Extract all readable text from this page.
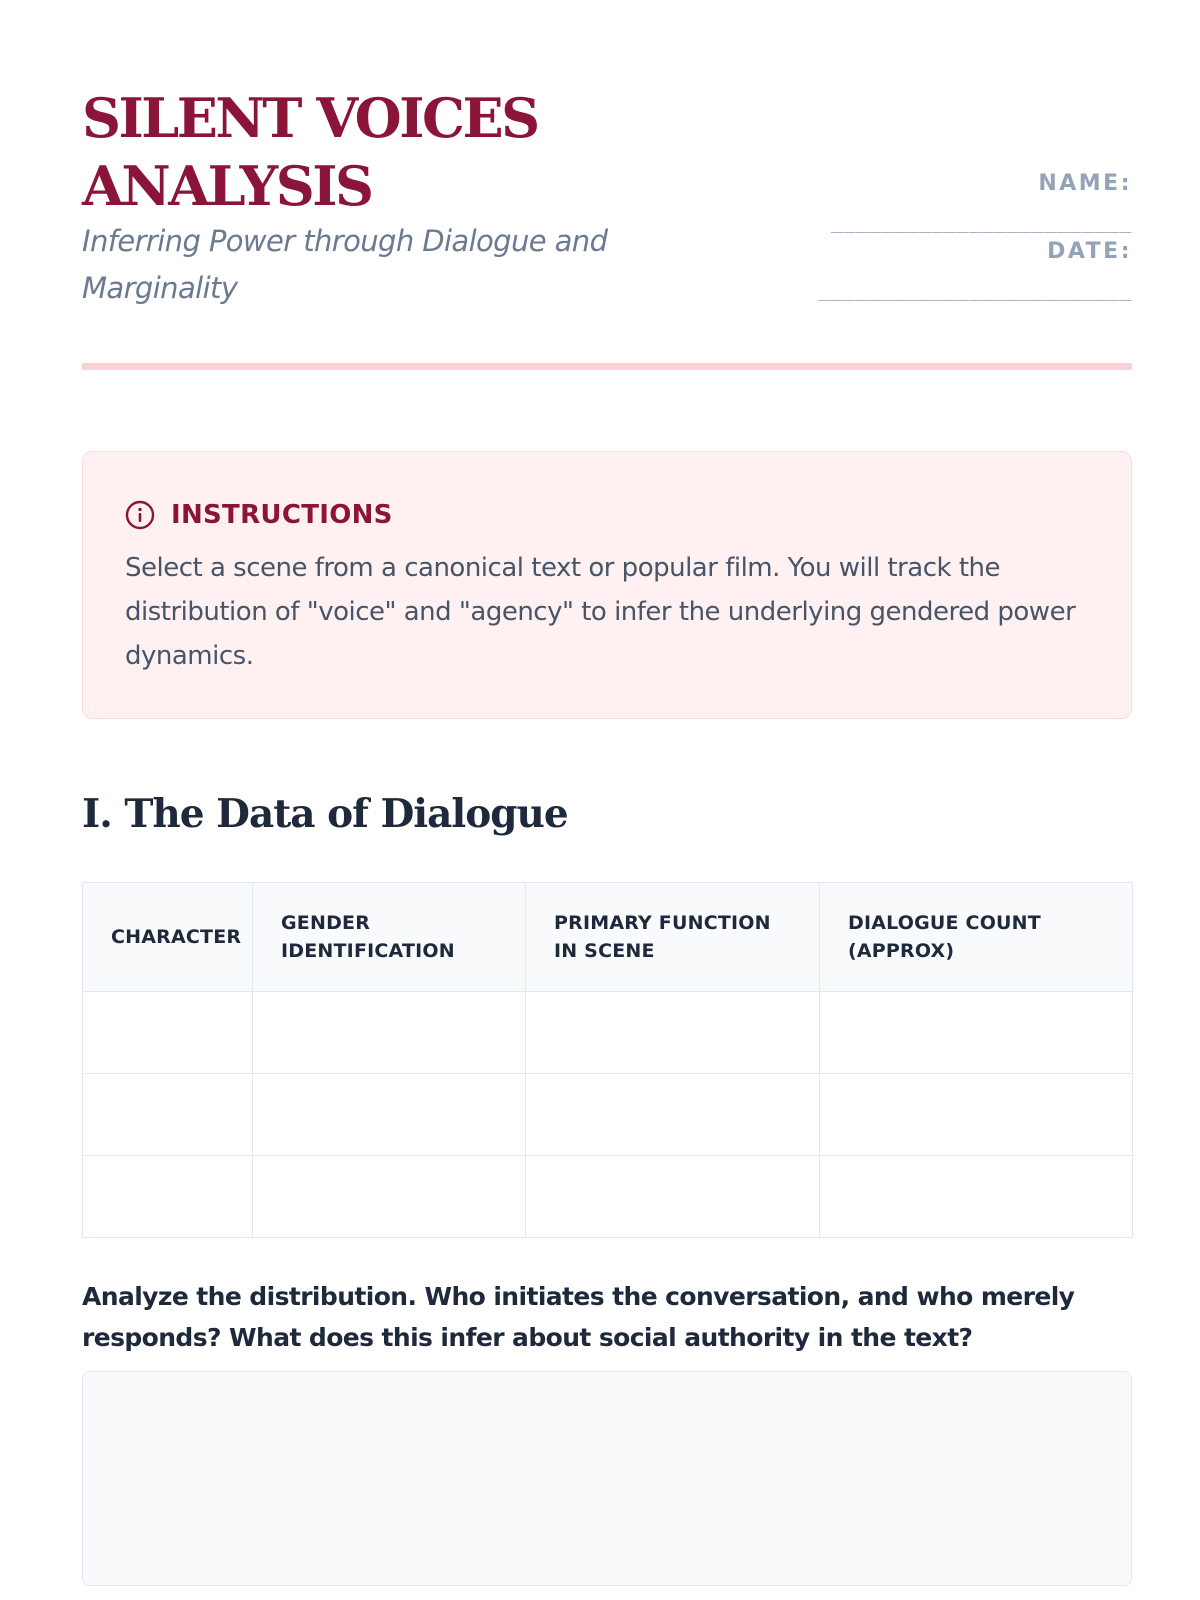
SILENT VOICES
ANALYSIS

Inferring Power through Dialogue and
Marginality

NAME:
________________________
DATE:
_________________________
INSTRUCTIONS

Select a scene from a canonical text or popular film. You will track the distribution of "voice" and "agency" to infer the underlying gendered power dynamics.

I. The Data of Dialogue
CHARACTER	GENDER IDENTIFICATION	PRIMARY FUNCTION IN SCENE	DIALOGUE COUNT (APPROX)

Analyze the distribution. Who initiates the conversation, and who merely responds? What does this infer about social authority in the text?
